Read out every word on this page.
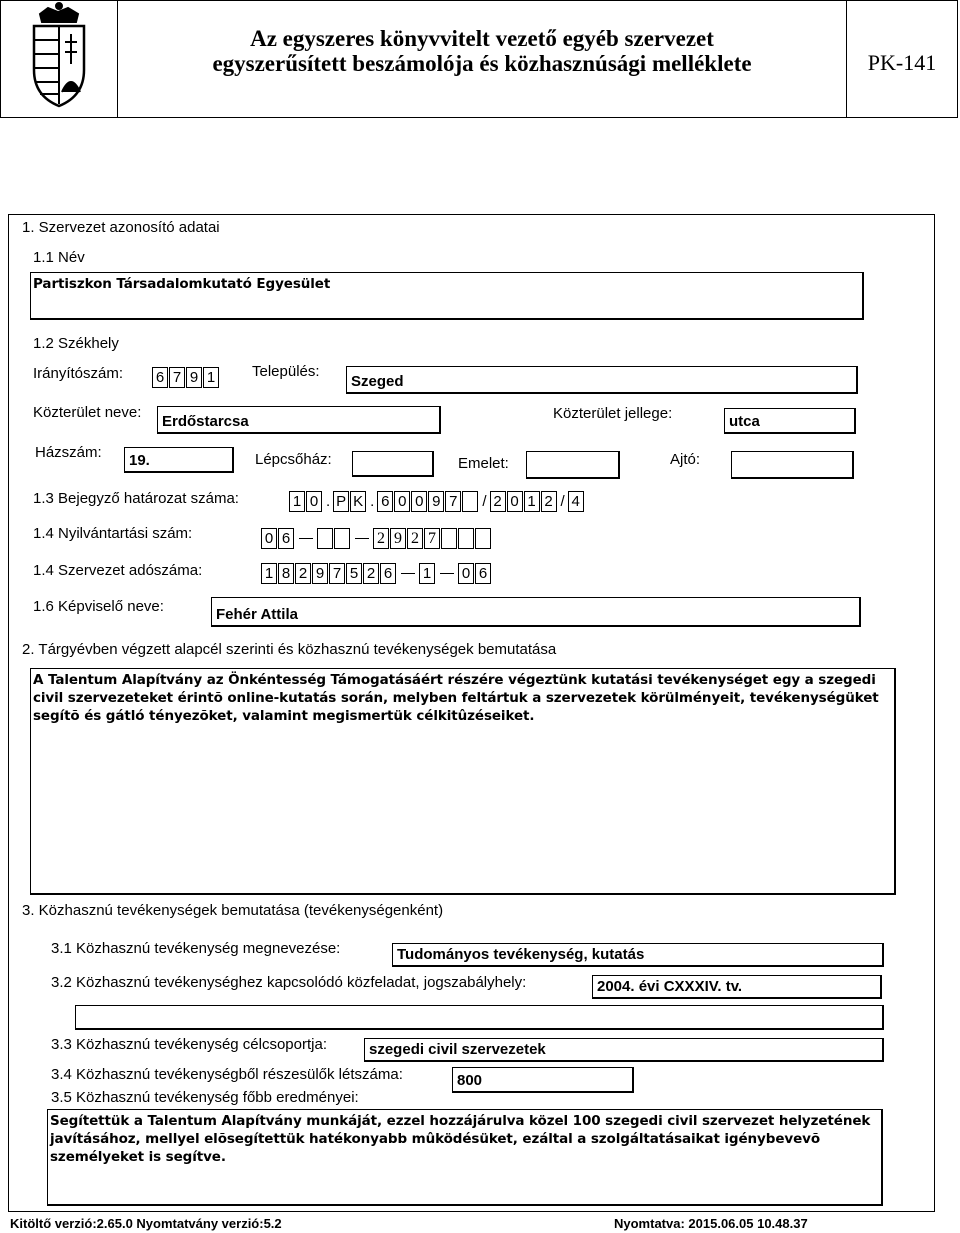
Az egyszeres könyvvitelt vezető egyéb szervezet
egyszerűsített beszámolója és közhasznúsági melléklete	PK-141
1. Szervezet azonosító adatai
1.1 Név
Partiszkon Társadalomkutató Egyesület
1.2 Székhely
Irányítószám: 6 7 9 1 Település:
Szeged
Közterület neve:
Erdőstarcsa	Közterület jellege:	utca
Házszám:	19.	Lépcsőház:	Emelet:	Ajtó:
1.3 Bejegyző határozat száma:	1 0 . P K . 6 0 0 9 7 / 2 0 1 2 / 4
1.4 Nyilvántartási szám:	0 6	2 9 2 7
1.4 Szervezet adószáma:	1 8 2 9 7 5 2 6 1 0 6
1.6 Képviselő neve:	Fehér Attila
2. Tárgyévben végzett alapcél szerinti és közhasznú tevékenységek bemutatása
A Talentum Alapítvány az Önkéntesség Támogatásáért részére végeztünk kutatási tevékenységet egy a szegedi civil szervezeteket érintõ online-kutatás során, melyben feltártuk a szervezetek körülményeit, tevékenységüket segítõ és gátló tényezõket, valamint megismertük célkitûzéseiket.
3. Közhasznú tevékenységek bemutatása (tevékenységenként)
3.1 Közhasznú tevékenység megnevezése:	Tudományos tevékenység, kutatás
3.2 Közhasznú tevékenységhez kapcsolódó közfeladat, jogszabályhely:	2004. évi CXXXIV. tv.
3.3 Közhasznú tevékenység célcsoportja:	szegedi civil szervezetek
3.4 Közhasznú tevékenységből részesülők létszáma:	800
3.5 Közhasznú tevékenység főbb eredményei:
Segítettük a Talentum Alapítvány munkáját, ezzel hozzájárulva közel 100 szegedi civil szervezet helyzetének javításához, mellyel elõsegítettük hatékonyabb mûködésüket, ezáltal a szolgáltatásaikat igénybevevõ személyeket is segítve.
Kitöltő verzió:2.65.0 Nyomtatvány verzió:5.2	Nyomtatva: 2015.06.05 10.48.37
